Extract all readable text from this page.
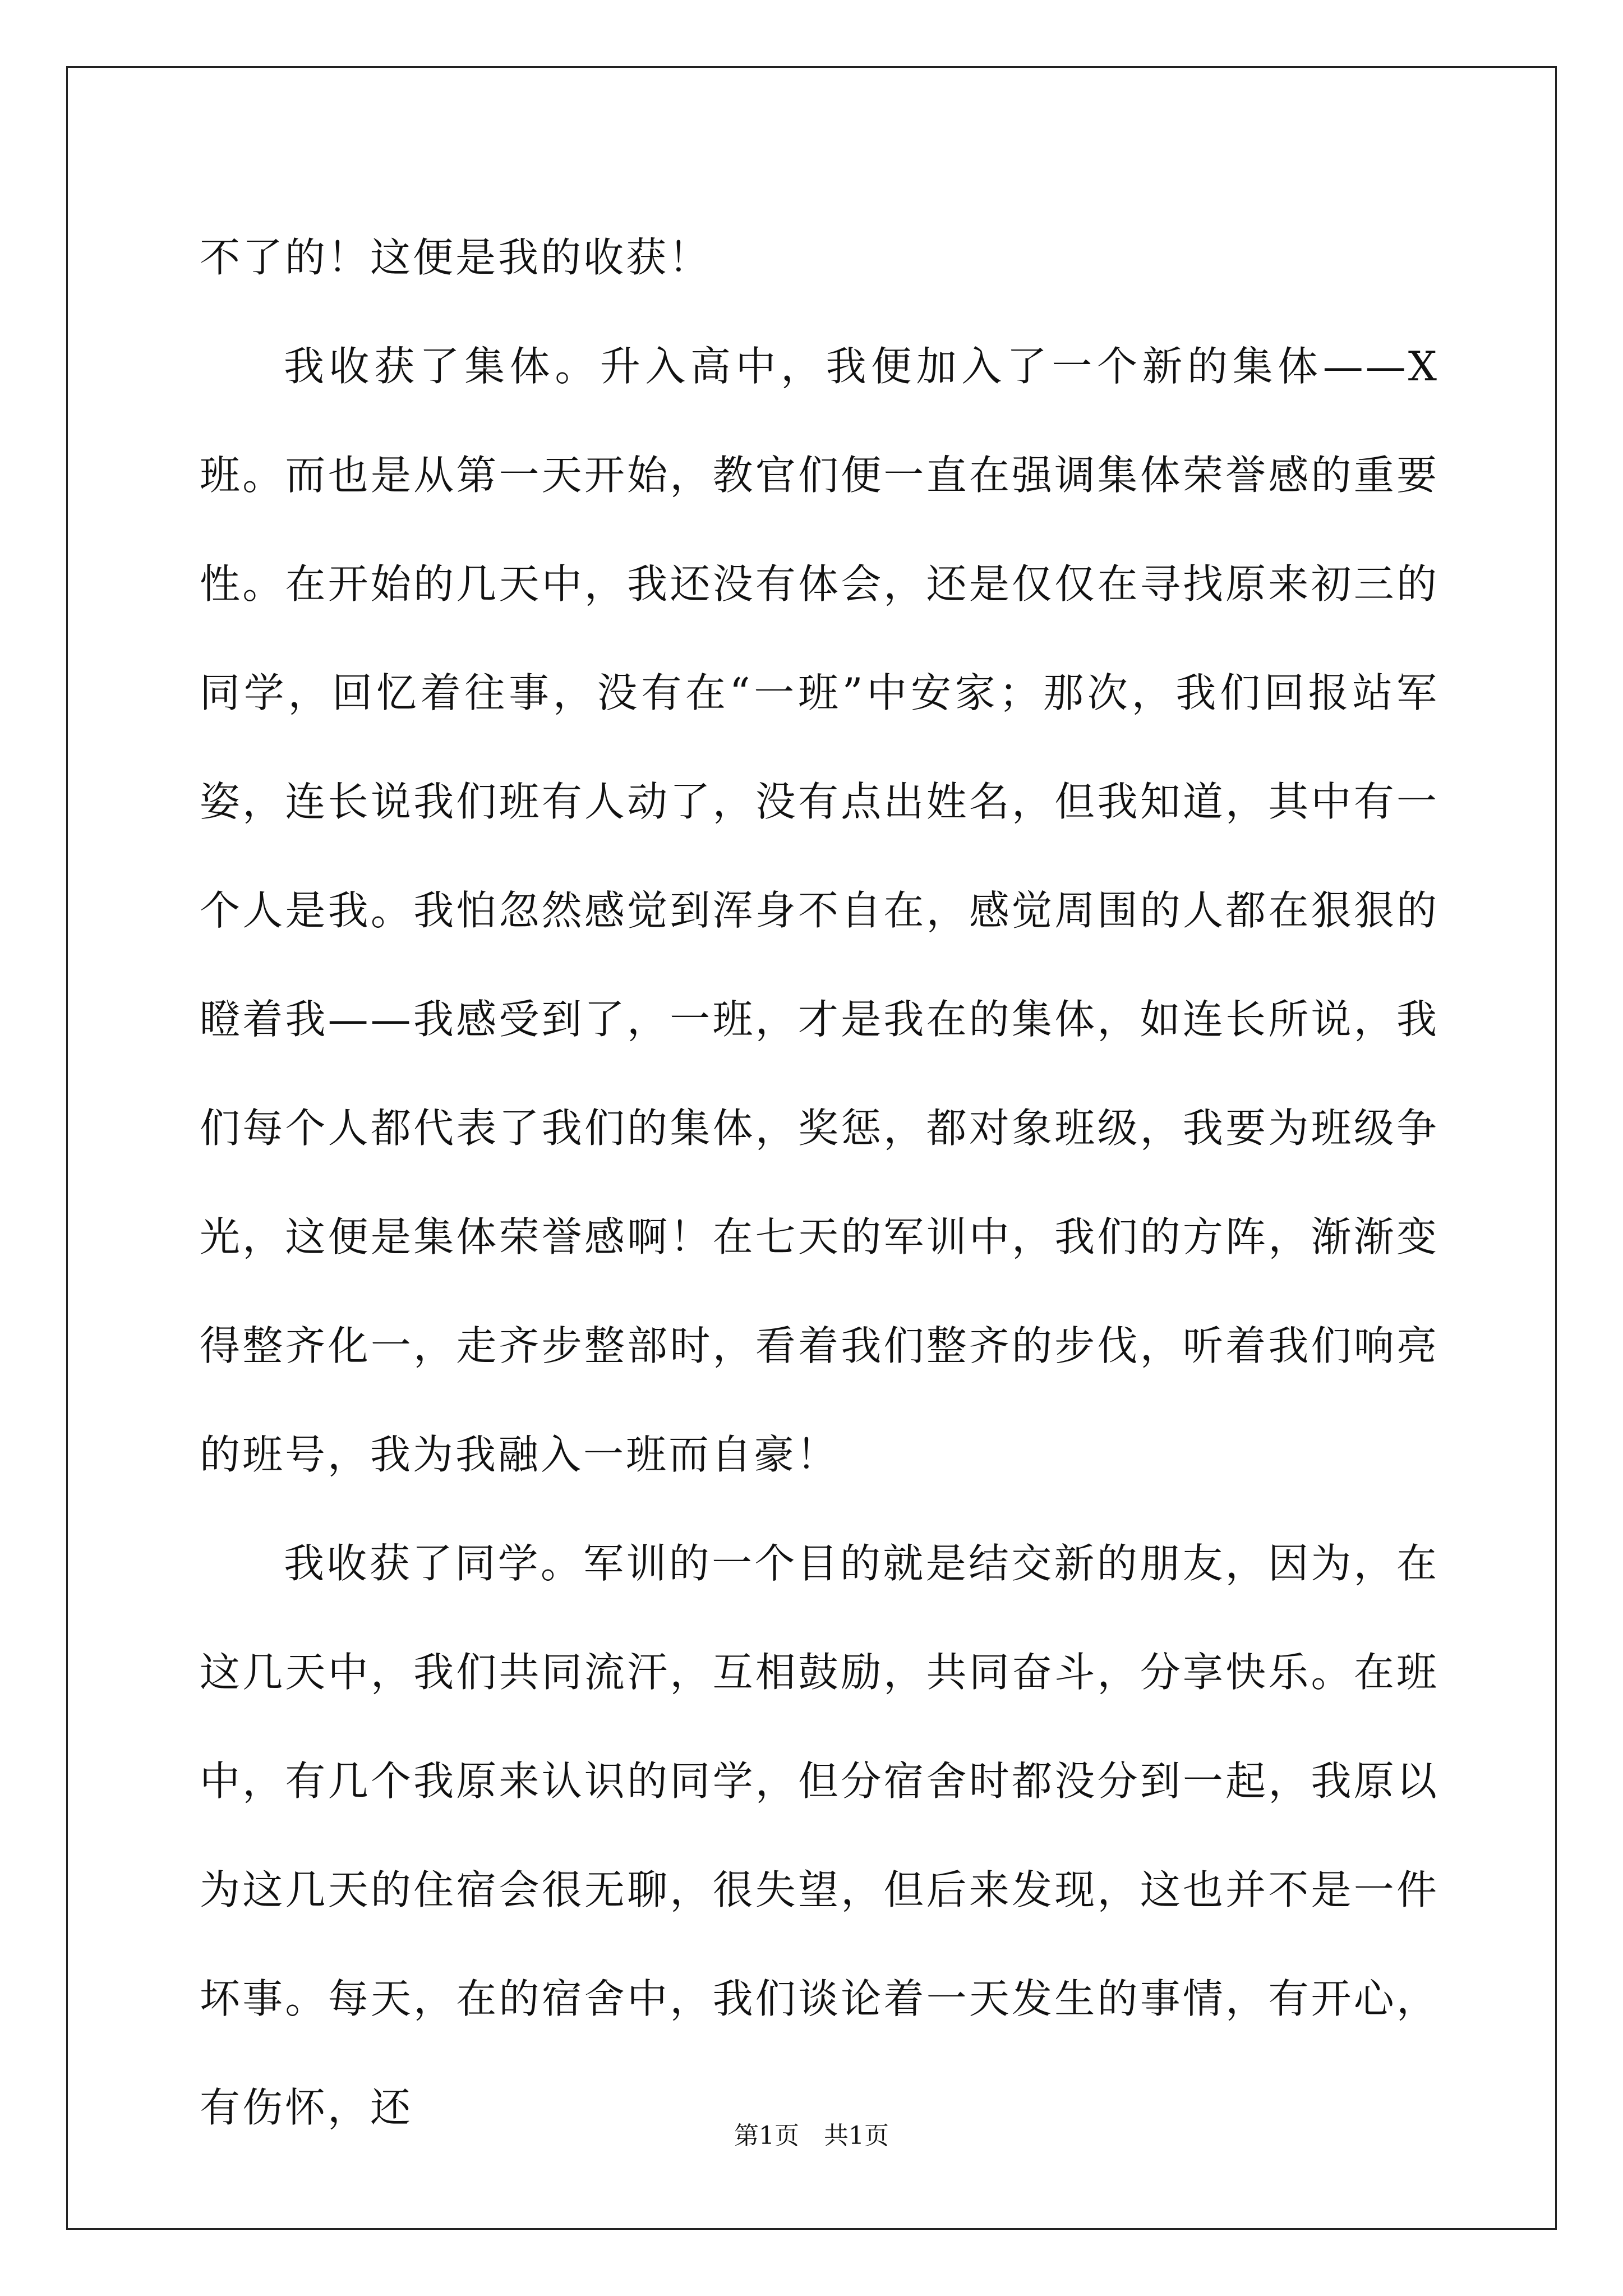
不了的！这便是我的收获！

我收获了集体。升入高中，我便加入了一个新的集体——X班。而也是从第一天开始，教官们便一直在强调集体荣誉感的重要性。在开始的几天中，我还没有体会，还是仅仅在寻找原来初三的同学，回忆着往事，没有在“一班”中安家；那次，我们回报站军姿，连长说我们班有人动了，没有点出姓名，但我知道，其中有一个人是我。我怕忽然感觉到浑身不自在，感觉周围的人都在狠狠的瞪着我——我感受到了，一班，才是我在的集体，如连长所说，我们每个人都代表了我们的集体，奖惩，都对象班级，我要为班级争光，这便是集体荣誉感啊！在七天的军训中，我们的方阵，渐渐变得整齐化一，走齐步整部时，看着我们整齐的步伐，听着我们响亮的班号，我为我融入一班而自豪！

我收获了同学。军训的一个目的就是结交新的朋友，因为，在这几天中，我们共同流汗，互相鼓励，共同奋斗，分享快乐。在班中，有几个我原来认识的同学，但分宿舍时都没分到一起，我原以为这几天的住宿会很无聊，很失望，但后来发现，这也并不是一件坏事。每天，在的宿舍中，我们谈论着一天发生的事情，有开心，有伤怀，还

第1页　共1页
